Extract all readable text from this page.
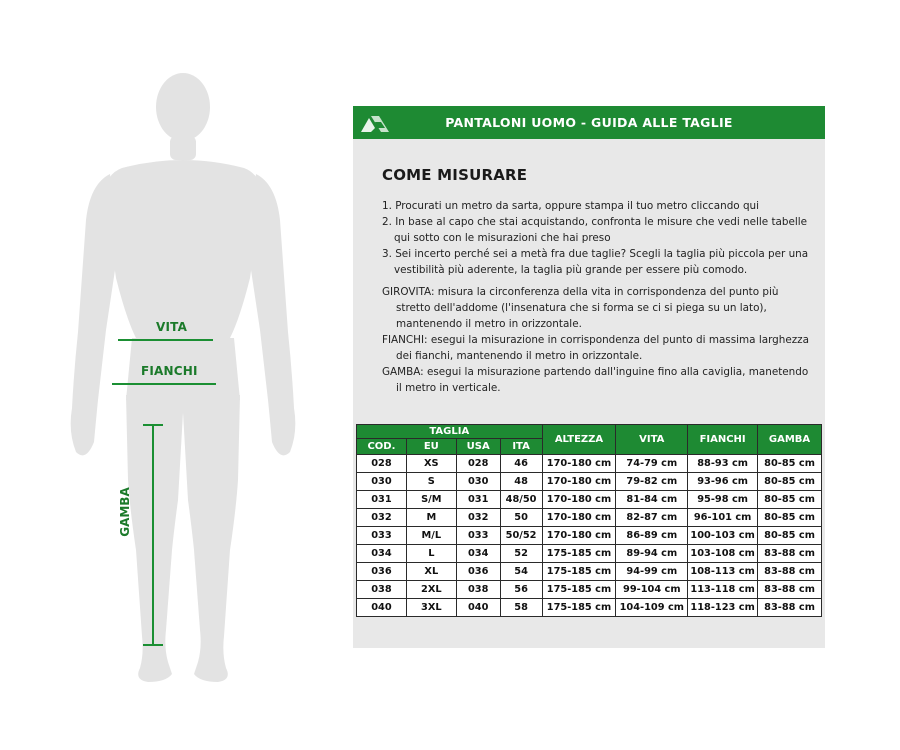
VITA
FIANCHI
GAMBA
PANTALONI UOMO - GUIDA ALLE TAGLIE
COME MISURARE
1. Procurati un metro da sarta, oppure stampa il tuo metro cliccando qui
2. In base al capo che stai acquistando, confronta le misure che vedi nelle tabelle qui sotto con le misurazioni che hai preso
3. Sei incerto perché sei a metà fra due taglie? Scegli la taglia più piccola per una vestibilità più aderente, la taglia più grande per essere più comodo.
GIROVITA: misura la circonferenza della vita in corrispondenza del punto più stretto dell'addome (l'insenatura che si forma se ci si piega su un lato), mantenendo il metro in orizzontale.
FIANCHI: esegui la misurazione in corrispondenza del punto di massima larghezza dei fianchi, mantenendo il metro in orizzontale.
GAMBA: esegui la misurazione partendo dall'inguine fino alla caviglia, manetendo il metro in verticale.
TAGLIA				ALTEZZA	VITA	FIANCHI	GAMBA
COD.	EU	USA	ITA				
028	XS	028	46	170-180 cm	74-79 cm	88-93 cm	80-85 cm
030	S	030	48	170-180 cm	79-82 cm	93-96 cm	80-85 cm
031	S/M	031	48/50	170-180 cm	81-84 cm	95-98 cm	80-85 cm
032	M	032	50	170-180 cm	82-87 cm	96-101 cm	80-85 cm
033	M/L	033	50/52	170-180 cm	86-89 cm	100-103 cm	80-85 cm
034	L	034	52	175-185 cm	89-94 cm	103-108 cm	83-88 cm
036	XL	036	54	175-185 cm	94-99 cm	108-113 cm	83-88 cm
038	2XL	038	56	175-185 cm	99-104 cm	113-118 cm	83-88 cm
040	3XL	040	58	175-185 cm	104-109 cm	118-123 cm	83-88 cm
